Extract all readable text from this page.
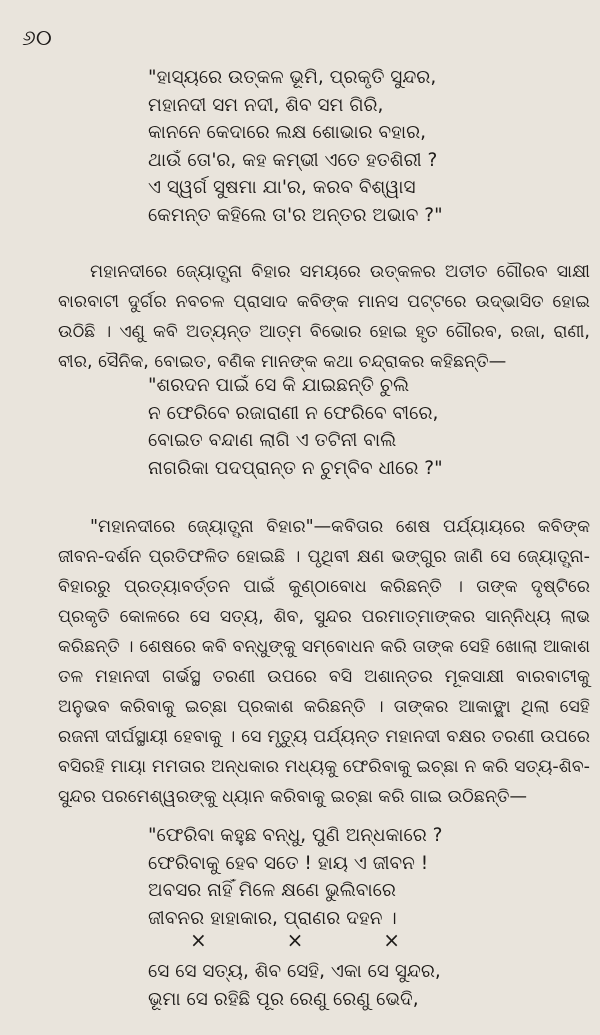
୬୦
"ହାସ୍ୟରେ ଉତ୍କଳ ଭୂମି, ପ୍ରକୃତି ସୁନ୍ଦର,
ମହାନଦୀ ସମ ନଦୀ, ଶିବ ସମ ଗିରି,
କାନନେ କେଦାରେ ଲକ୍ଷ ଶୋଭାର ବହାର,
ଥାଉଁ ତୋ'ର, କହ କମ୍ଭୀ ଏତେ ହତଶିରୀ ?
ଏ ସ୍ୱର୍ଗ ସୁଷମା ଯା'ର, କରବ ବିଶ୍ୱାସ
କେମନ୍ତ କହିଲେ ତା'ର ଅନ୍ତର ଅଭାବ ?"

ମହାନଦୀରେ ଜ୍ୟୋତ୍ସ୍ନା ବିହାର ସମୟରେ ଉତ୍କଳର ଅତୀତ ଗୌରବ ସାକ୍ଷୀ ବାରବାଟୀ ଦୁର୍ଗର ନବଚଳ ପ୍ରାସାଦ କବିଙ୍କ ମାନସ ପଟ୍ଟରେ ଉଦ୍ଭାସିତ ହୋଇ ଉଠିଛି । ଏଣୁ କବି ଅତ୍ୟନ୍ତ ଆତ୍ମ ବିଭୋର ହୋଇ ହୃତ ଗୌରବ, ରଜା, ରାଣୀ, ବୀର, ସୈନିକ, ବୋଇତ, ବଣିକ ମାନଙ୍କ କଥା ଚନ୍ଦ୍ରାକର କହିଛନ୍ତି—

"ଶରଦନ ପାଇଁ ସେ କି ଯାଇଛନ୍ତି ଚୁଲି
ନ ଫେରିବେ ରଜାରାଣୀ ନ ଫେରିବେ ବୀରେ,
ବୋଇତ ବନ୍ଦାଣ ଲାଗି ଏ ତଟିନୀ ବାଲି
ନାଗରିକା ପଦପ୍ରାନ୍ତ ନ ଚୁମ୍ବିବ ଧୀରେ ?"

"ମହାନଦୀରେ ଜ୍ୟୋତ୍ସ୍ନା ବିହାର"—କବିତାର ଶେଷ ପର୍ଯ୍ୟାୟରେ କବିଙ୍କ ଜୀବନ-ଦର୍ଶନ ପ୍ରତିଫଳିତ ହୋଇଛି । ପୃଥିବୀ କ୍ଷଣ ଭଙ୍ଗୁର ଜାଣି ସେ ଜ୍ୟୋତ୍ସ୍ନା-ବିହାରରୁ ପ୍ରତ୍ୟାବର୍ତ୍ତନ ପାଇଁ କୁଣ୍ଠାବୋଧ କରିଛନ୍ତି । ତାଙ୍କ ଦୃଷ୍ଟିରେ ପ୍ରକୃତି କୋଳରେ ସେ ସତ୍ୟ, ଶିବ, ସୁନ୍ଦର ପରମାତ୍ମାଙ୍କର ସାନ୍ନିଧ୍ୟ ଲାଭ କରିଛନ୍ତି । ଶେଷରେ କବି ବନ୍ଧୁଙ୍କୁ ସମ୍ବୋଧନ କରି ତାଙ୍କ ସେହି ଖୋଲା ଆକାଶ ତଳ ମହାନଦୀ ଗର୍ଭସ୍ଥ ତରଣୀ ଉପରେ ବସି ଅଶାନ୍ତର ମୂକସାକ୍ଷୀ ବାରବାଟୀକୁ ଅନୁଭବ କରିବାକୁ ଇଚ୍ଛା ପ୍ରକାଶ କରିଛନ୍ତି । ତାଙ୍କର ଆକାଙ୍କ୍ଷା ଥିଲା ସେହି ରଜନୀ ଦୀର୍ଘସ୍ଥାୟୀ ହେବାକୁ । ସେ ମୃତ୍ୟୁ ପର୍ଯ୍ୟନ୍ତ ମହାନଦୀ ବକ୍ଷର ତରଣୀ ଉପରେ ବସିରହି ମାୟା ମମତାର ଅନ୍ଧକାର ମଧ୍ୟକୁ ଫେରିବାକୁ ଇଚ୍ଛା ନ କରି ସତ୍ୟ-ଶିବ-ସୁନ୍ଦର ପରମେଶ୍ୱରଙ୍କୁ ଧ୍ୟାନ କରିବାକୁ ଇଚ୍ଛା କରି ଗାଇ ଉଠିଛନ୍ତି—

"ଫେରିବା କହୁଛ ବନ୍ଧୁ, ପୁଣି ଅନ୍ଧକାରେ ?
ଫେରିବାକୁ ହେବ ସତେ ! ହାୟ ଏ ଜୀବନ !
ଅବସର ନାହିଁ ମିଳେ କ୍ଷଣେ ଭୁଲିବାରେ
ଜୀବନର ହାହାକାର, ପ୍ରାଣର ଦହନ ।
×	×	×
ସେ ସେ ସତ୍ୟ, ଶିବ ସେହି, ଏକା ସେ ସୁନ୍ଦର,
ଭୂମା ସେ ରହିଛି ପୂର ରେଣୁ ରେଣୁ ଭେଦି,
